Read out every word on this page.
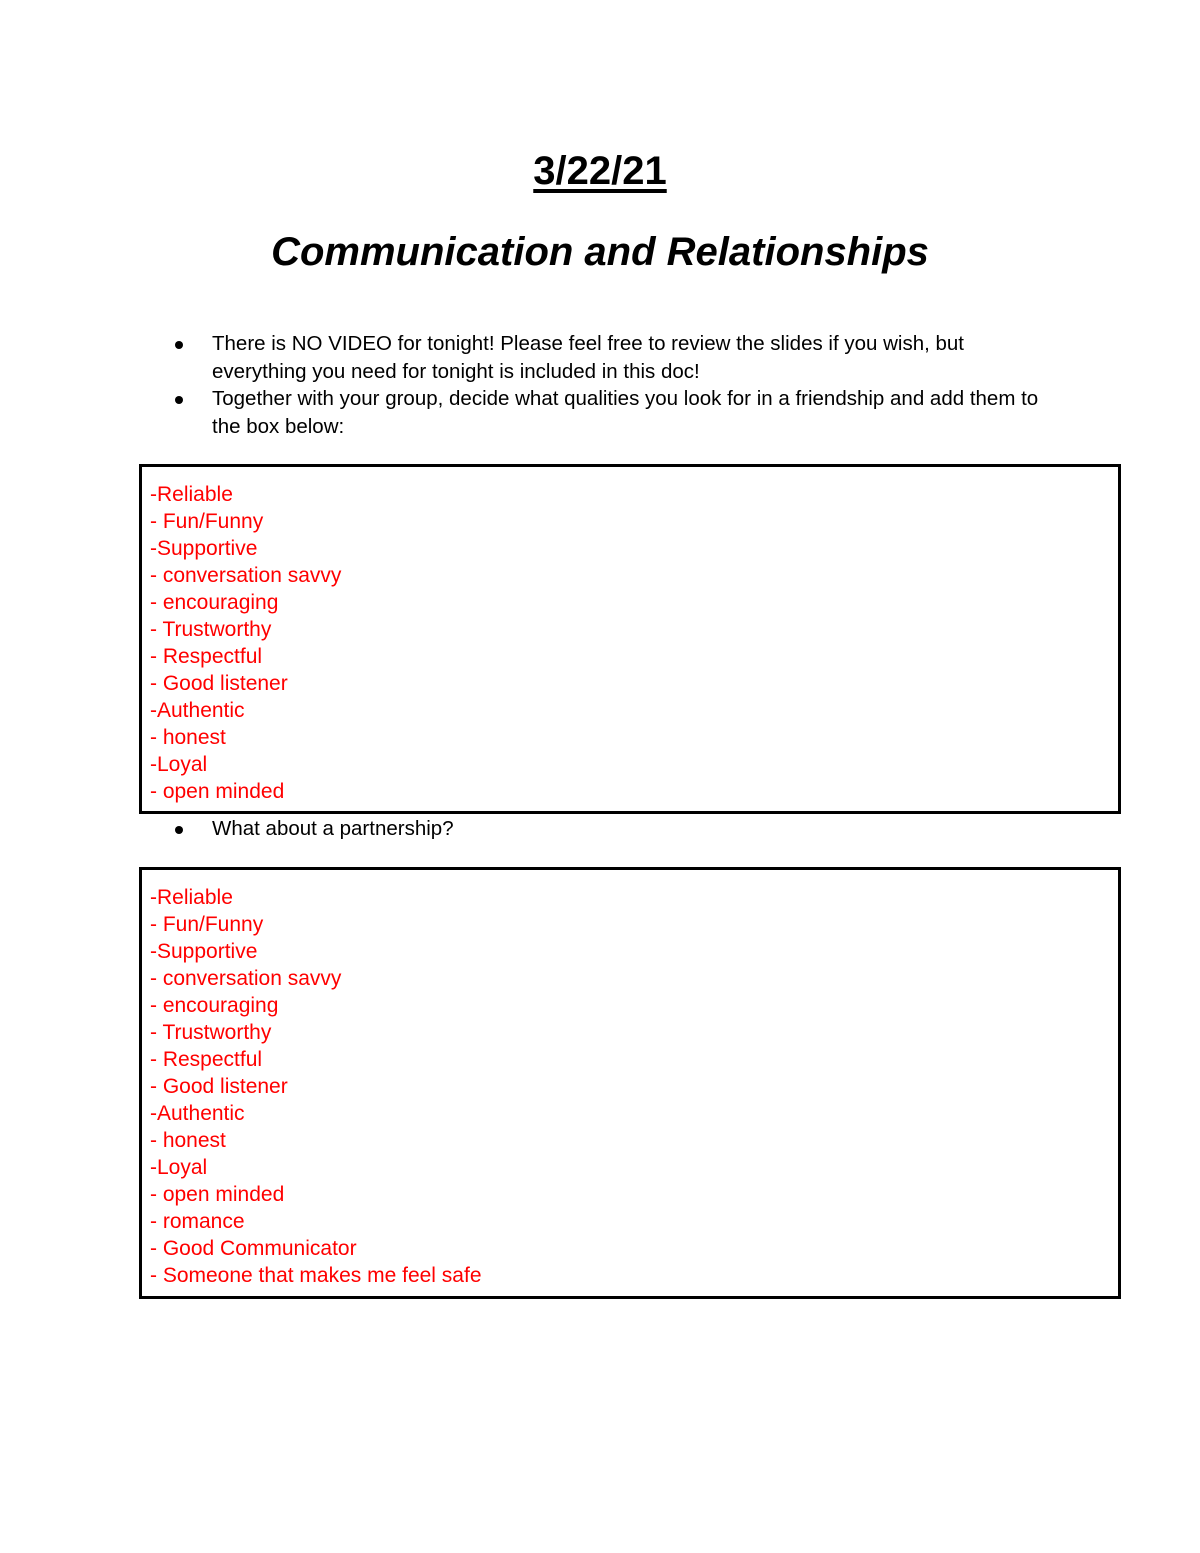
3/22/21
Communication and Relationships
There is NO VIDEO for tonight! Please feel free to review the slides if you wish, but everything you need for tonight is included in this doc!
Together with your group, decide what qualities you look for in a friendship and add them to the box below:
-Reliable
- Fun/Funny
-Supportive
- conversation savvy
- encouraging
- Trustworthy
- Respectful
- Good listener
-Authentic
- honest
-Loyal
- open minded
What about a partnership?
-Reliable
- Fun/Funny
-Supportive
- conversation savvy
- encouraging
- Trustworthy
- Respectful
- Good listener
-Authentic
- honest
-Loyal
- open minded
- romance
- Good Communicator
- Someone that makes me feel safe
